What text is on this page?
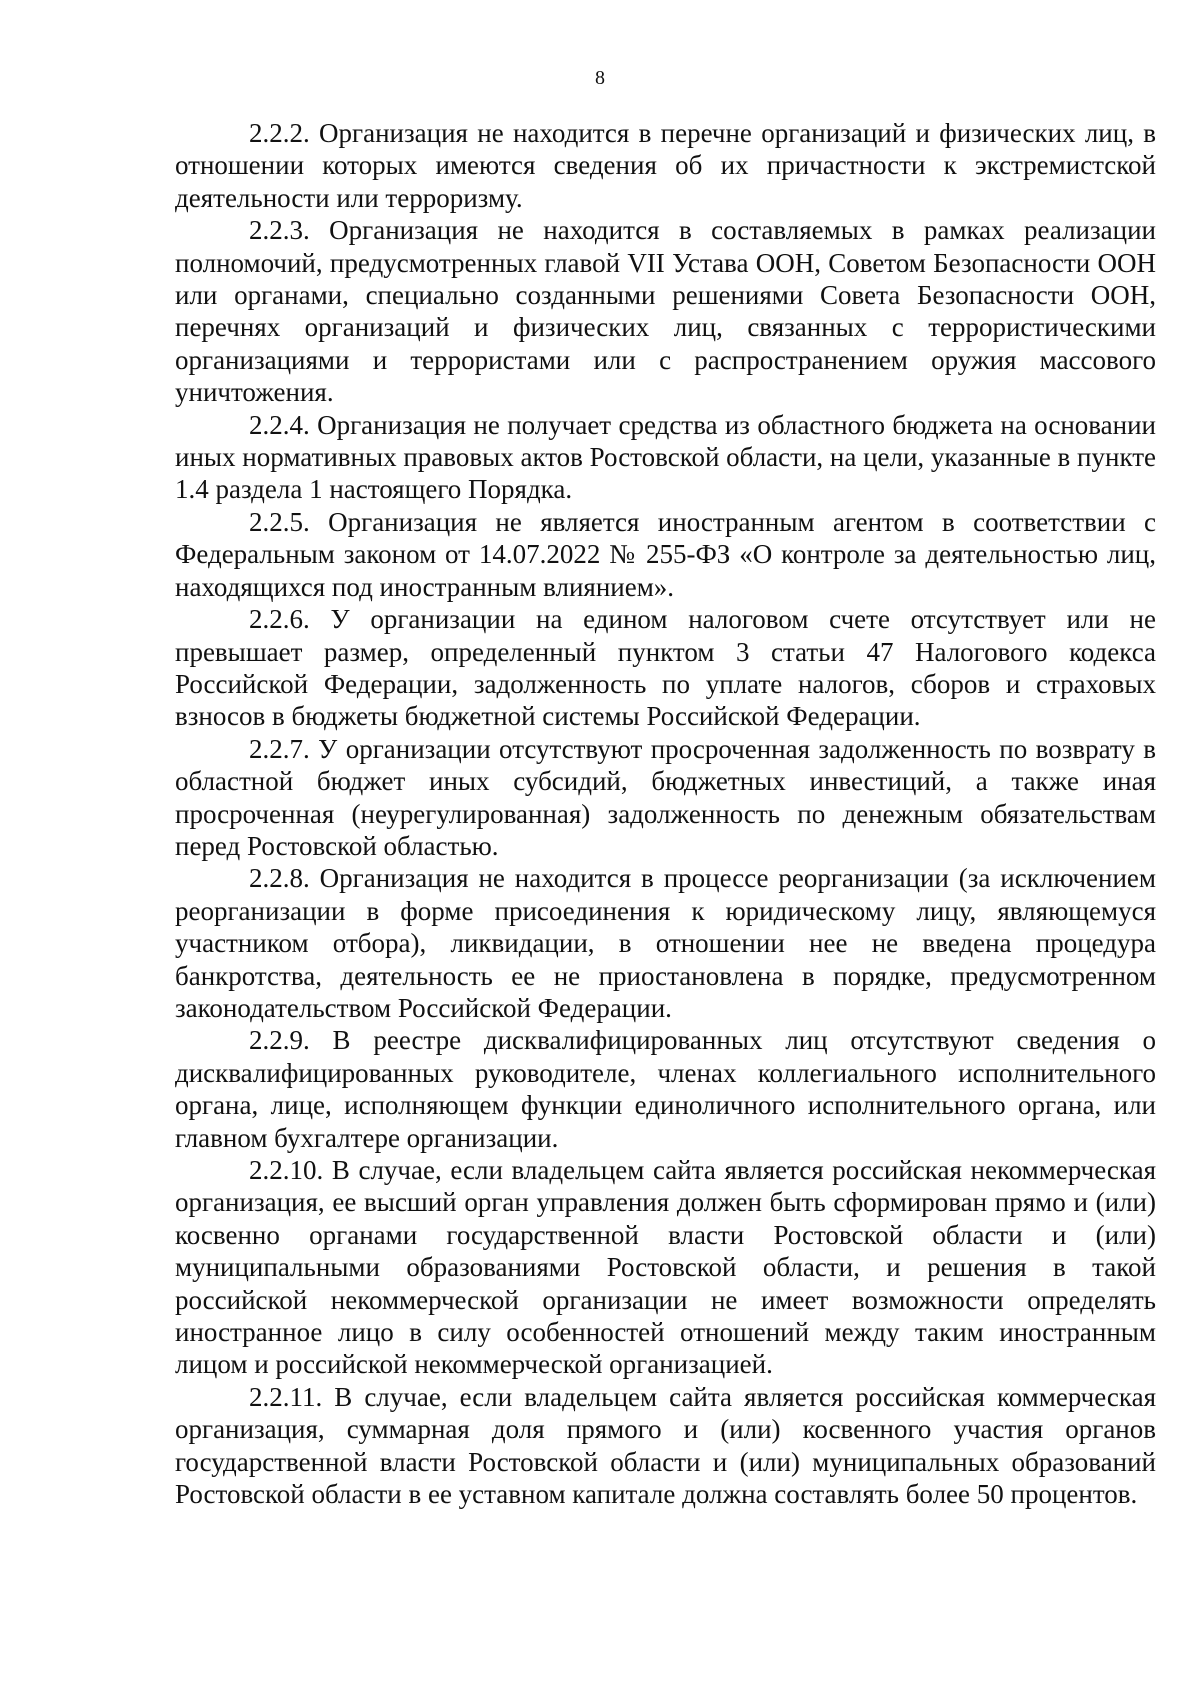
8

2.2.2. Организация не находится в перечне организаций и физических лиц, в отношении которых имеются сведения об их причастности к экстремистской деятельности или терроризму.

2.2.3. Организация не находится в составляемых в рамках реализации полномочий, предусмотренных главой VII Устава ООН, Советом Безопасности ООН или органами, специально созданными решениями Совета Безопасности ООН, перечнях организаций и физических лиц, связанных с террористическими организациями и террористами или с распространением оружия массового уничтожения.

2.2.4. Организация не получает средства из областного бюджета на основании иных нормативных правовых актов Ростовской области, на цели, указанные в пункте 1.4 раздела 1 настоящего Порядка.

2.2.5. Организация не является иностранным агентом в соответствии с Федеральным законом от 14.07.2022 № 255-ФЗ «О контроле за деятельностью лиц, находящихся под иностранным влиянием».

2.2.6. У организации на едином налоговом счете отсутствует или не превышает размер, определенный пунктом 3 статьи 47 Налогового кодекса Российской Федерации, задолженность по уплате налогов, сборов и страховых взносов в бюджеты бюджетной системы Российской Федерации.

2.2.7. У организации отсутствуют просроченная задолженность по возврату в областной бюджет иных субсидий, бюджетных инвестиций, а также иная просроченная (неурегулированная) задолженность по денежным обязательствам перед Ростовской областью.

2.2.8. Организация не находится в процессе реорганизации (за исключением реорганизации в форме присоединения к юридическому лицу, являющемуся участником отбора), ликвидации, в отношении нее не введена процедура банкротства, деятельность ее не приостановлена в порядке, предусмотренном законодательством Российской Федерации.

2.2.9. В реестре дисквалифицированных лиц отсутствуют сведения о дисквалифицированных руководителе, членах коллегиального исполнительного органа, лице, исполняющем функции единоличного исполнительного органа, или главном бухгалтере организации.

2.2.10. В случае, если владельцем сайта является российская некоммерческая организация, ее высший орган управления должен быть сформирован прямо и (или) косвенно органами государственной власти Ростовской области и (или) муниципальными образованиями Ростовской области, и решения в такой российской некоммерческой организации не имеет возможности определять иностранное лицо в силу особенностей отношений между таким иностранным лицом и российской некоммерческой организацией.

2.2.11. В случае, если владельцем сайта является российская коммерческая организация, суммарная доля прямого и (или) косвенного участия органов государственной власти Ростовской области и (или) муниципальных образований Ростовской области в ее уставном капитале должна составлять более 50 процентов.
